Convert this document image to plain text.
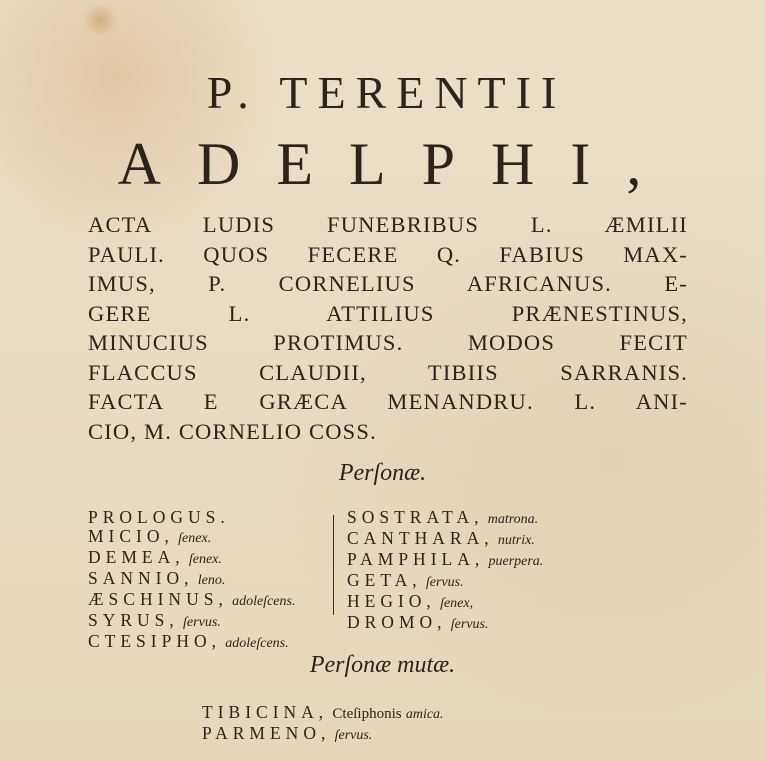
P. TERENTII
ADELPHI,
ACTA LUDIS FUNEBRIBUS L. ÆMILII
PAULI. QUOS FECERE Q. FABIUS MAX-
IMUS, P. CORNELIUS AFRICANUS. E-
GERE L. ATTILIUS PRÆNESTINUS,
MINUCIUS PROTIMUS. MODOS FECIT
FLACCUS CLAUDII, TIBIIS SARRANIS.
FACTA E GRÆCA MENANDRU. L. ANI-
CIO, M. CORNELIO COSS.
Perſonæ.
PROLOGUS.
MICIO, ſenex.
DEMEA, ſenex.
SANNIO, leno.
ÆSCHINUS, adoleſcens.
SYRUS, ſervus.
CTESIPHO, adoleſcens.
SOSTRATA, matrona.
CANTHARA, nutrix.
PAMPHILA, puerpera.
GETA, ſervus.
HEGIO, ſenex,
DROMO, ſervus.
Perſonæ mutæ.
TIBICINA, Cteſiphonis amica.
PARMENO, ſervus.
